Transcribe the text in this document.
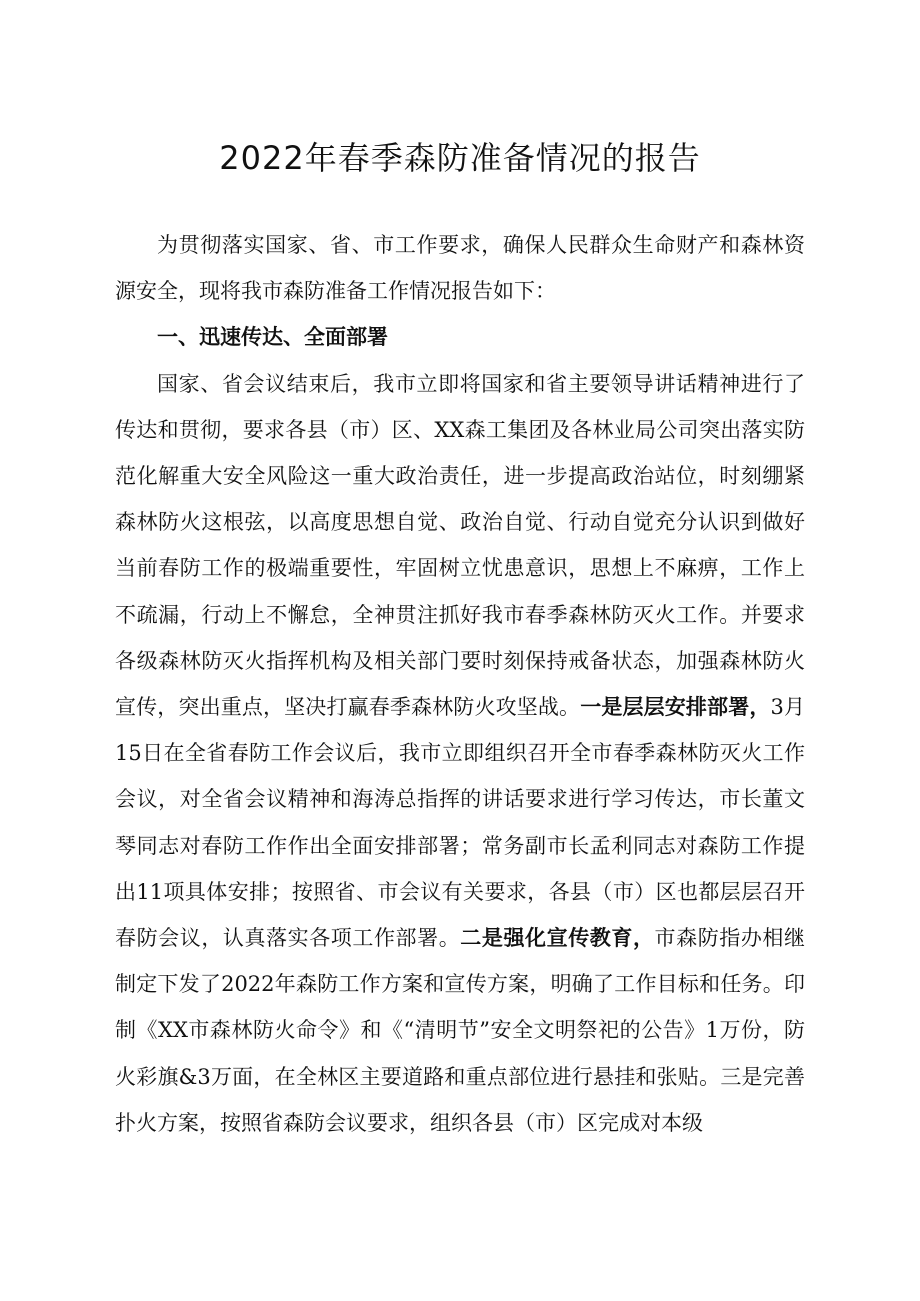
2022年春季森防准备情况的报告

为贯彻落实国家、省、市工作要求，确保人民群众生命财产和森林资源安全，现将我市森防准备工作情况报告如下：

一、迅速传达、全面部署

国家、省会议结束后，我市立即将国家和省主要领导讲话精神进行了传达和贯彻，要求各县（市）区、XX森工集团及各林业局公司突出落实防范化解重大安全风险这一重大政治责任，进一步提高政治站位，时刻绷紧森林防火这根弦，以高度思想自觉、政治自觉、行动自觉充分认识到做好当前春防工作的极端重要性，牢固树立忧患意识，思想上不麻痹，工作上不疏漏，行动上不懈怠，全神贯注抓好我市春季森林防灭火工作。并要求各级森林防灭火指挥机构及相关部门要时刻保持戒备状态，加强森林防火宣传，突出重点，坚决打赢春季森林防火攻坚战。一是层层安排部署，3月15日在全省春防工作会议后，我市立即组织召开全市春季森林防灭火工作会议，对全省会议精神和海涛总指挥的讲话要求进行学习传达，市长董文琴同志对春防工作作出全面安排部署；常务副市长孟利同志对森防工作提出11项具体安排；按照省、市会议有关要求，各县（市）区也都层层召开春防会议，认真落实各项工作部署。二是强化宣传教育，市森防指办相继制定下发了2022年森防工作方案和宣传方案，明确了工作目标和任务。印制《XX市森林防火命令》和《“清明节”安全文明祭祀的公告》1万份，防火彩旗&3万面，在全林区主要道路和重点部位进行悬挂和张贴。三是完善扑火方案，按照省森防会议要求，组织各县（市）区完成对本级
